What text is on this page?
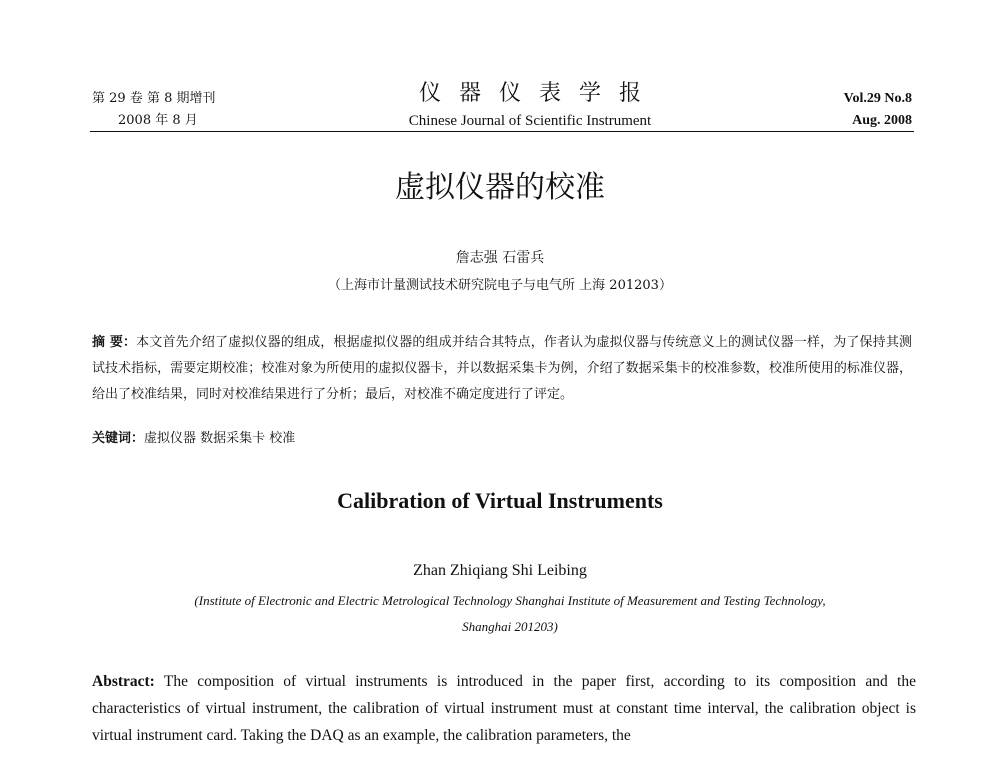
第 29 卷 第 8 期增刊
2008 年 8 月
仪器仪表学报
Chinese Journal of Scientific Instrument
Vol.29 No.8
Aug. 2008
虚拟仪器的校准
詹志强 石雷兵
（上海市计量测试技术研究院电子与电气所 上海 201203）
摘 要：本文首先介绍了虚拟仪器的组成，根据虚拟仪器的组成并结合其特点，作者认为虚拟仪器与传统意义上的测试仪器一样，为了保持其测试技术指标，需要定期校准；校准对象为所使用的虚拟仪器卡，并以数据采集卡为例，介绍了数据采集卡的校准参数，校准所使用的标准仪器，给出了校准结果，同时对校准结果进行了分析；最后，对校准不确定度进行了评定。
关键词：虚拟仪器 数据采集卡 校准
Calibration of Virtual Instruments
Zhan Zhiqiang Shi Leibing
(Institute of Electronic and Electric Metrological Technology Shanghai Institute of Measurement and Testing Technology, Shanghai 201203)
Abstract: The composition of virtual instruments is introduced in the paper first, according to its composition and the characteristics of virtual instrument, the calibration of virtual instrument must at constant time interval, the calibration object is virtual instrument card. Taking the DAQ as an example, the calibration parameters, the
